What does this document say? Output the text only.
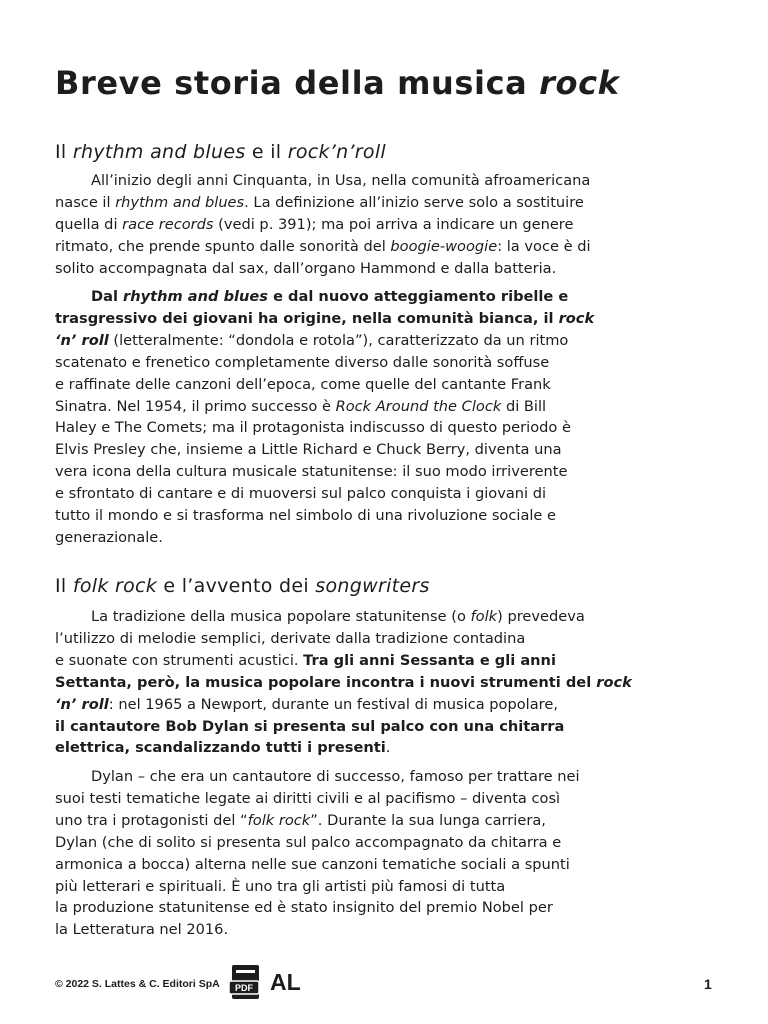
Breve storia della musica rock
Il rhythm and blues e il rock’n’roll
All’inizio degli anni Cinquanta, in Usa, nella comunità afroamericana
nasce il rhythm and blues. La definizione all’inizio serve solo a sostituire
quella di race records (vedi p. 391); ma poi arriva a indicare un genere
ritmato, che prende spunto dalle sonorità del boogie-woogie: la voce è di
solito accompagnata dal sax, dall’organo Hammond e dalla batteria.
Dal rhythm and blues e dal nuovo atteggiamento ribelle e
trasgressivo dei giovani ha origine, nella comunità bianca, il rock
‘n’ roll (letteralmente: “dondola e rotola”), caratterizzato da un ritmo
scatenato e frenetico completamente diverso dalle sonorità soffuse
e raffinate delle canzoni dell’epoca, come quelle del cantante Frank
Sinatra. Nel 1954, il primo successo è Rock Around the Clock di Bill
Haley e The Comets; ma il protagonista indiscusso di questo periodo è
Elvis Presley che, insieme a Little Richard e Chuck Berry, diventa una
vera icona della cultura musicale statunitense: il suo modo irriverente
e sfrontato di cantare e di muoversi sul palco conquista i giovani di
tutto il mondo e si trasforma nel simbolo di una rivoluzione sociale e
generazionale.
Il folk rock e l’avvento dei songwriters
La tradizione della musica popolare statunitense (o folk) prevedeva
l’utilizzo di melodie semplici, derivate dalla tradizione contadina
e suonate con strumenti acustici. Tra gli anni Sessanta e gli anni
Settanta, però, la musica popolare incontra i nuovi strumenti del rock
‘n’ roll: nel 1965 a Newport, durante un festival di musica popolare,
il cantautore Bob Dylan si presenta sul palco con una chitarra
elettrica, scandalizzando tutti i presenti.
Dylan – che era un cantautore di successo, famoso per trattare nei
suoi testi tematiche legate ai diritti civili e al pacifismo – diventa così
uno tra i protagonisti del “folk rock”. Durante la sua lunga carriera,
Dylan (che di solito si presenta sul palco accompagnato da chitarra e
armonica a bocca) alterna nelle sue canzoni tematiche sociali a spunti
più letterari e spirituali. È uno tra gli artisti più famosi di tutta
la produzione statunitense ed è stato insignito del premio Nobel per
la Letteratura nel 2016.
© 2022 S. Lattes & C. Editori SpA PDF AL	1
